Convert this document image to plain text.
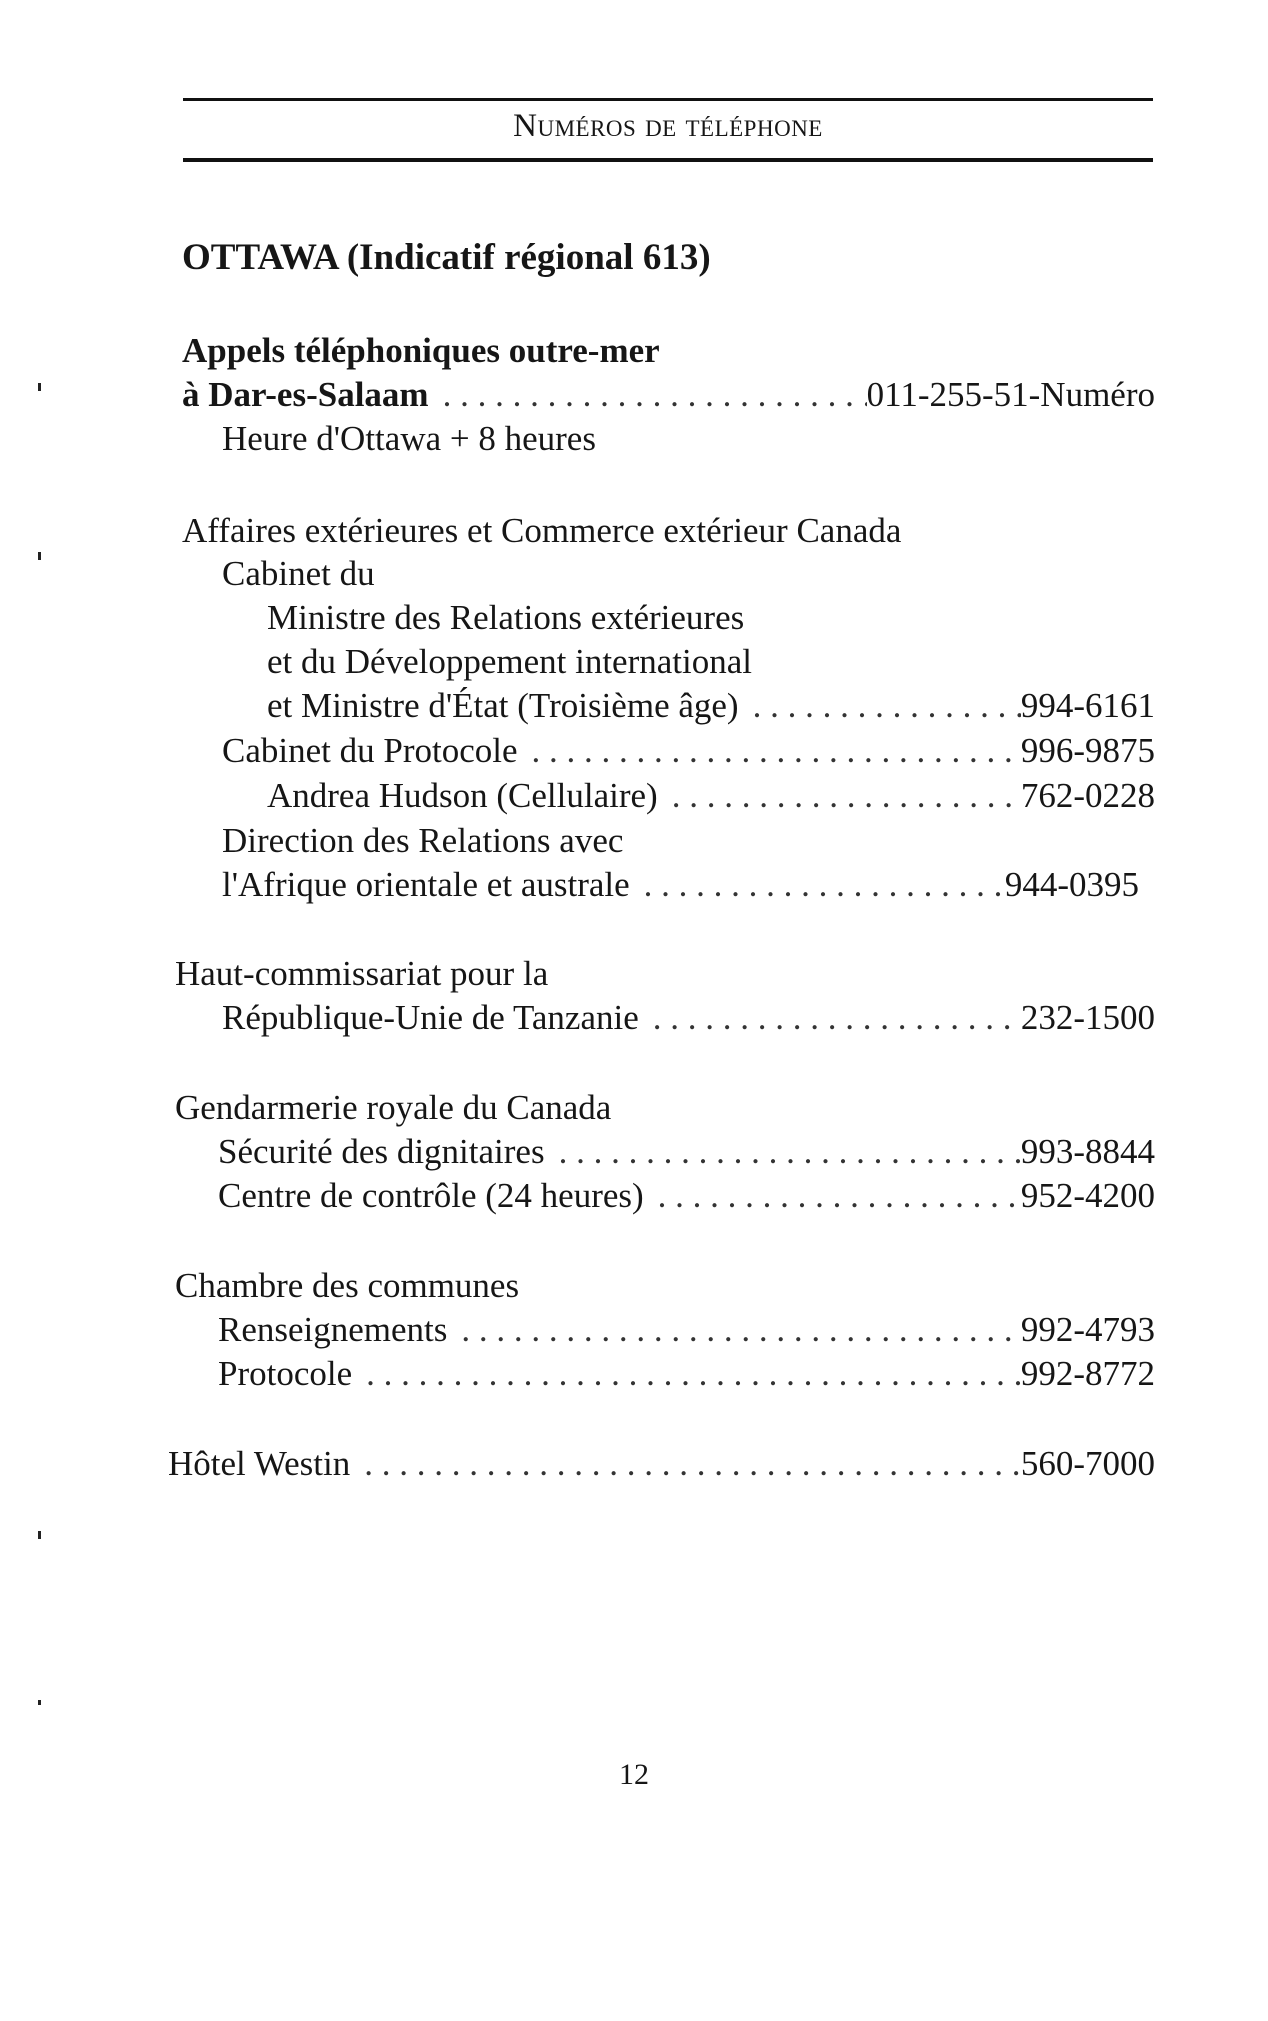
Numéros de téléphone
OTTAWA (Indicatif régional 613)
Appels téléphoniques outre-mer
à Dar-es-Salaam . . .	011-255-51-Numéro
Heure d'Ottawa + 8 heures
Affaires extérieures et Commerce extérieur Canada
Cabinet du
Ministre des Relations extérieures
et du Développement international
et Ministre d'État (Troisième âge) . . .	994-6161
Cabinet du Protocole . . .	996-9875
Andrea Hudson (Cellulaire) . . .	762-0228
Direction des Relations avec
l'Afrique orientale et australe . . .	944-0395
Haut-commissariat pour la
République-Unie de Tanzanie . . .	232-1500
Gendarmerie royale du Canada
Sécurité des dignitaires . . .	993-8844
Centre de contrôle (24 heures) . . .	952-4200
Chambre des communes
Renseignements . . .	992-4793
Protocole . . .	992-8772
Hôtel Westin . . .	560-7000
12
